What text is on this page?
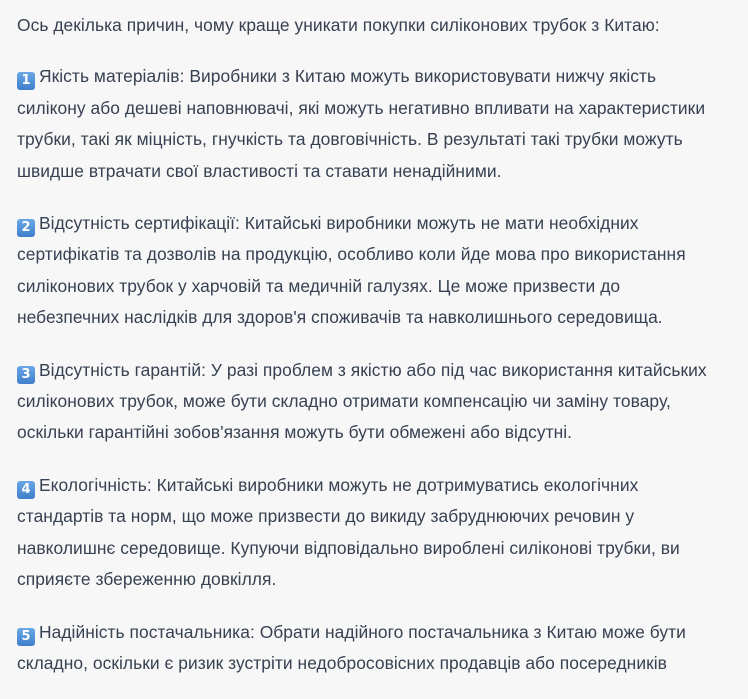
Ось декілька причин, чому краще уникати покупки силіконових трубок з Китаю:

1 Якість матеріалів: Виробники з Китаю можуть використовувати нижчу якість
силікону або дешеві наповнювачі, які можуть негативно впливати на характеристики
трубки, такі як міцність, гнучкість та довговічність. В результаті такі трубки можуть
швидше втрачати свої властивості та ставати ненадійними.

2 Відсутність сертифікації: Китайські виробники можуть не мати необхідних
сертифікатів та дозволів на продукцію, особливо коли йде мова про використання
силіконових трубок у харчовій та медичній галузях. Це може призвести до
небезпечних наслідків для здоров'я споживачів та навколишнього середовища.

3 Відсутність гарантій: У разі проблем з якістю або під час використання китайських
силіконових трубок, може бути складно отримати компенсацію чи заміну товару,
оскільки гарантійні зобов'язання можуть бути обмежені або відсутні.

4 Екологічність: Китайські виробники можуть не дотримуватись екологічних
стандартів та норм, що може призвести до викиду забруднюючих речовин у
навколишнє середовище. Купуючи відповідально вироблені силіконові трубки, ви
сприяєте збереженню довкілля.

5 Надійність постачальника: Обрати надійного постачальника з Китаю може бути
складно, оскільки є ризик зустріти недобросовісних продавців або посередників
